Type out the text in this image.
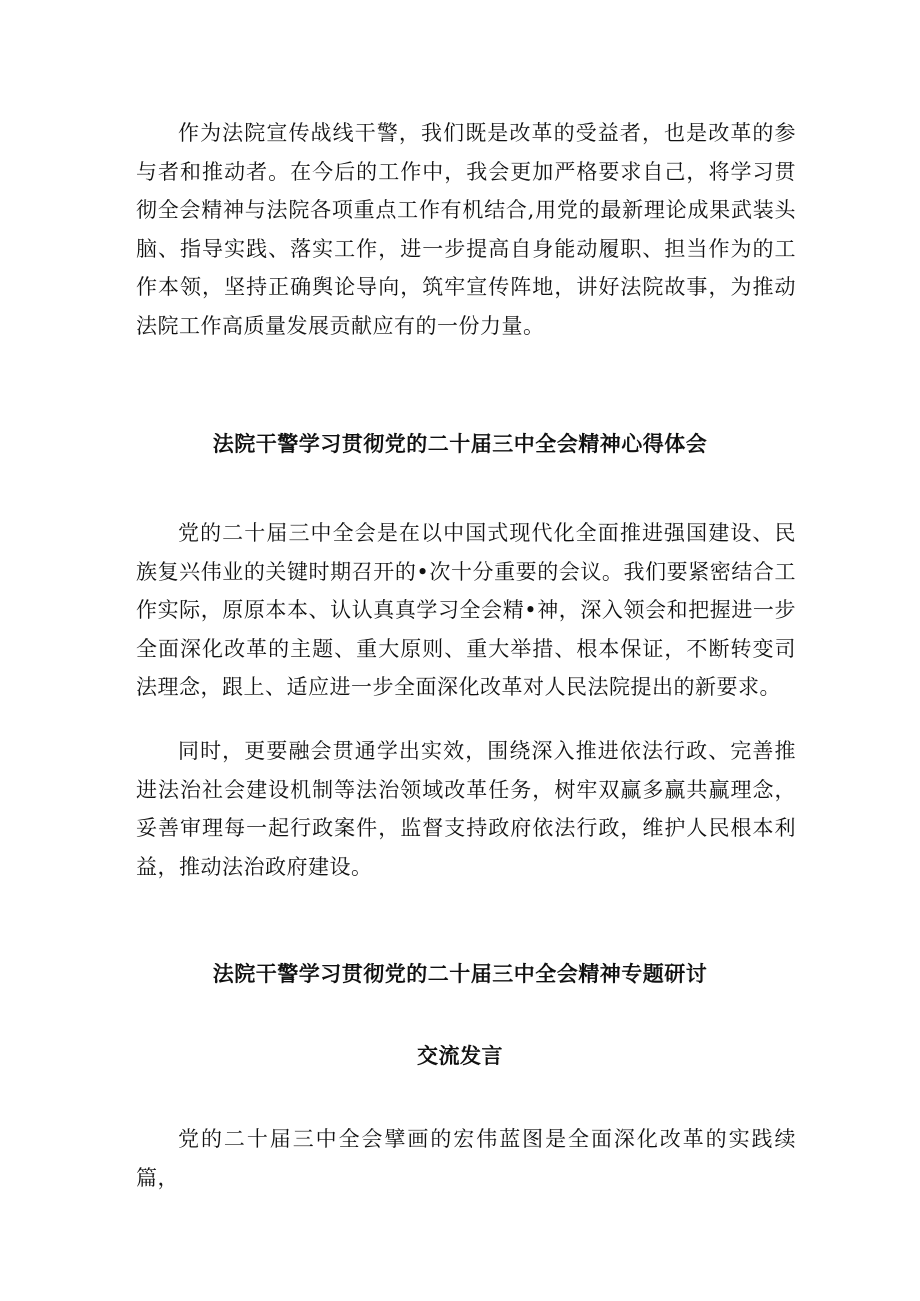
作为法院宣传战线干警，我们既是改革的受益者，也是改革的参与者和推动者。在今后的工作中，我会更加严格要求自己，将学习贯彻全会精神与法院各项重点工作有机结合,用党的最新理论成果武装头脑、指导实践、落实工作，进一步提高自身能动履职、担当作为的工作本领，坚持正确舆论导向，筑牢宣传阵地，讲好法院故事，为推动法院工作高质量发展贡献应有的一份力量。

法院干警学习贯彻党的二十届三中全会精神心得体会

党的二十届三中全会是在以中国式现代化全面推进强国建设、民族复兴伟业的关键时期召开的•次十分重要的会议。我们要紧密结合工作实际，原原本本、认认真真学习全会精•神，深入领会和把握进一步全面深化改革的主题、重大原则、重大举措、根本保证，不断转变司法理念，跟上、适应进一步全面深化改革对人民法院提出的新要求。

同时，更要融会贯通学出实效，围绕深入推进依法行政、完善推进法治社会建设机制等法治领域改革任务，树牢双赢多赢共赢理念，妥善审理每一起行政案件，监督支持政府依法行政，维护人民根本利益，推动法治政府建设。

法院干警学习贯彻党的二十届三中全会精神专题研讨
交流发言

党的二十届三中全会擘画的宏伟蓝图是全面深化改革的实践续篇，
